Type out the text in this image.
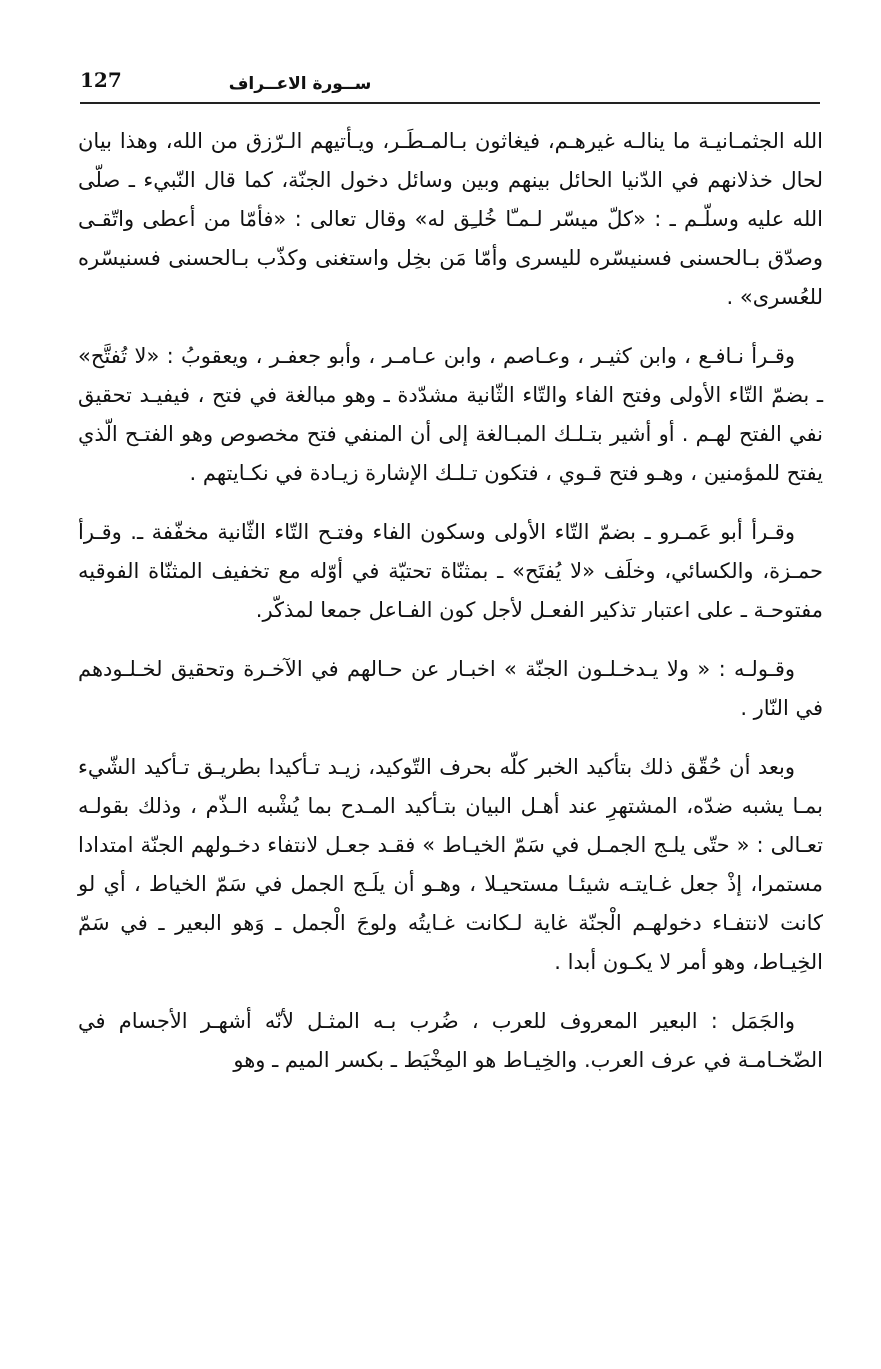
127	ســورة الاعــراف

الله الجثمـانيـة ما ينالـه غيرهـم، فيغاثون بـالمـطَـر، ويـأتيهم الـرّزق من الله، وهذا بيان لحال خذلانهم في الدّنيا الحائل بينهم وبين وسائل دخول الجنّة، كما قال النّبيء ـ صلّى الله عليه وسلّـم ـ : «كلّ ميسّر لـمـّا خُلـِق له» وقال تعالى : «فأمّا من أعطى واتّقـى وصدّق بـالحسنى فسنيسّره لليسرى وأمّا مَن بخِل واستغنى وكذّب بـالحسنى فسنيسّره للعُسرى» .

وقـرأ نـافـع ، وابن كثيـر ، وعـاصم ، وابن عـامـر ، وأبو جعفـر ، ويعقوبُ : «لا تُفتَّح» ـ بضمّ التّاء الأولى وفتح الفاء والتّاء الثّانية مشدّدة ـ وهو مبالغة في فتح ، فيفيـد تحقيق نفي الفتح لهـم . أو أشير بتـلـك المبـالغة إلى أن المنفي فتح مخصوص وهو الفتـح الّذي يفتح للمؤمنين ، وهـو فتح قـوي ، فتكون تـلـك الإشارة زيـادة في نكـايتهم .

وقـرأ أبو عَمـرو ـ بضمّ التّاء الأولى وسكون الفاء وفتـح التّاء الثّانية مخفّفة ـ. وقـرأ حمـزة، والكسائي، وخلَف «لا يُفتَح» ـ بمثنّاة تحتيّة في أوّله مع تخفيف المثنّاة الفوقيه مفتوحـة ـ على اعتبار تذكير الفعـل لأجل كون الفـاعل جمعا لمذكّر.

وقـولـه : « ولا يـدخـلـون الجنّة » اخبـار عن حـالهم في الآخـرة وتحقيق لخـلـودهم في النّار .

وبعد أن حُقّق ذلك بتأكيد الخبر كلّه بحرف التّوكيد، زيـد تـأكيدا بطريـق تـأكيد الشّيء بمـا يشبه ضدّه، المشتهرِ عند أهـل البيان بتـأكيد المـدح بما يُشْبه الـذّم ، وذلك بقولـه تعـالى : « حتّى يلـج الجمـل في سَمّ الخيـاط » فقـد جعـل لانتفاء دخـولهم الجنّة امتدادا مستمرا، إذْ جعل غـايتـه شيئـا مستحيـلا ، وهـو أن يلَـج الجمل في سَمّ الخياط ، أي لو كانت لانتفـاء دخولهـم الْجنّة غاية لـكانت غـايتُه ولوجَ الْجمل ـ وَهو البعير ـ في سَمّ الخِيـاط، وهو أمر لا يكـون أبدا .

والجَمَل : البعير المعروف للعرب ، ضُرب بـه المثـل لأنّه أشهـر الأجسام في الضّخـامـة في عرف العرب. والخِيـاط هو المِخْيَط ـ بكسر الميم ـ وهو
